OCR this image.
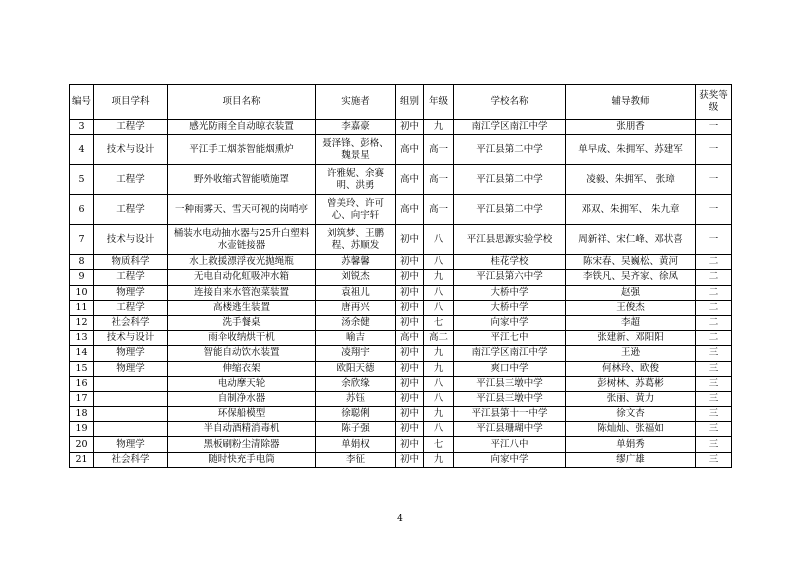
编号	项目学科	项目名称	实施者	组别	年级	学校名称	辅导教师	获奖等级
3	工程学	感光防雨全自动晾衣装置	李嘉豪	初中	九	南江学区南江中学	张朋香	一
4	技术与设计	平江手工烟茶智能烟熏炉	聂泽锋、彭格、魏景星	高中	高一	平江县第二中学	单早成、朱拥军、苏建军	一
5	工程学	野外收缩式智能喷施罩	许雅妮、余赛明、洪勇	高中	高一	平江县第二中学	凌毅、朱拥军、 张璋	一
6	工程学	一种雨雾天、雪天可视的岗哨亭	曾美玲、许可心、向宇轩	高中	高一	平江县第二中学	邓双、朱拥军、 朱九章	一
7	技术与设计	桶装水电动抽水器与25升白塑料水壶链接器	刘筑梦、王鹏程、苏顺发	初中	八	平江县思源实验学校	周新祥、宋仁峰、邓状喜	一
8	物质科学	水上救援漂浮夜光抛绳瓶	苏馨馨	初中	八	桂花学校	陈宋春、吴巍松、黄河	二
9	工程学	无电自动化虹吸冲水箱	刘锐杰	初中	九	平江县第六中学	李铁凡、吴齐家、徐凤	二
10	物理学	连接自来水管泡菜装置	袁祖儿	初中	八	大桥中学	赵强	二
11	工程学	高楼逃生装置	唐再兴	初中	八	大桥中学	王俊杰	二
12	社会科学	洗手餐桌	汤余健	初中	七	向家中学	李超	二
13	技术与设计	雨伞收纳烘干机	喻吉	高中	高二	平江七中	张建新、邓阳阳	二
14	物理学	智能自动饮水装置	凌翔宇	初中	九	南江学区南江中学	王逊	三
15	物理学	伸缩衣架	欧阳天德	初中	九	爽口中学	何林玲、欧俊	三
16		电动摩天轮	余欣缘	初中	八	平江县三墩中学	彭树林、苏葛彬	三
17		自制净水器	苏钰	初中	八	平江县三墩中学	张丽、黄力	三
18		环保船模型	徐聪俐	初中	九	平江县第十一中学	徐文杏	三
19		半自动酒精消毒机	陈子强	初中	八	平江县珊瑚中学	陈灿灿、张福如	三
20	物理学	黑板刷粉尘清除器	单娟权	初中	七	平江八中	单娟秀	三
21	社会科学	随时快充手电筒	李征	初中	九	向家中学	缪广雄	三
4
